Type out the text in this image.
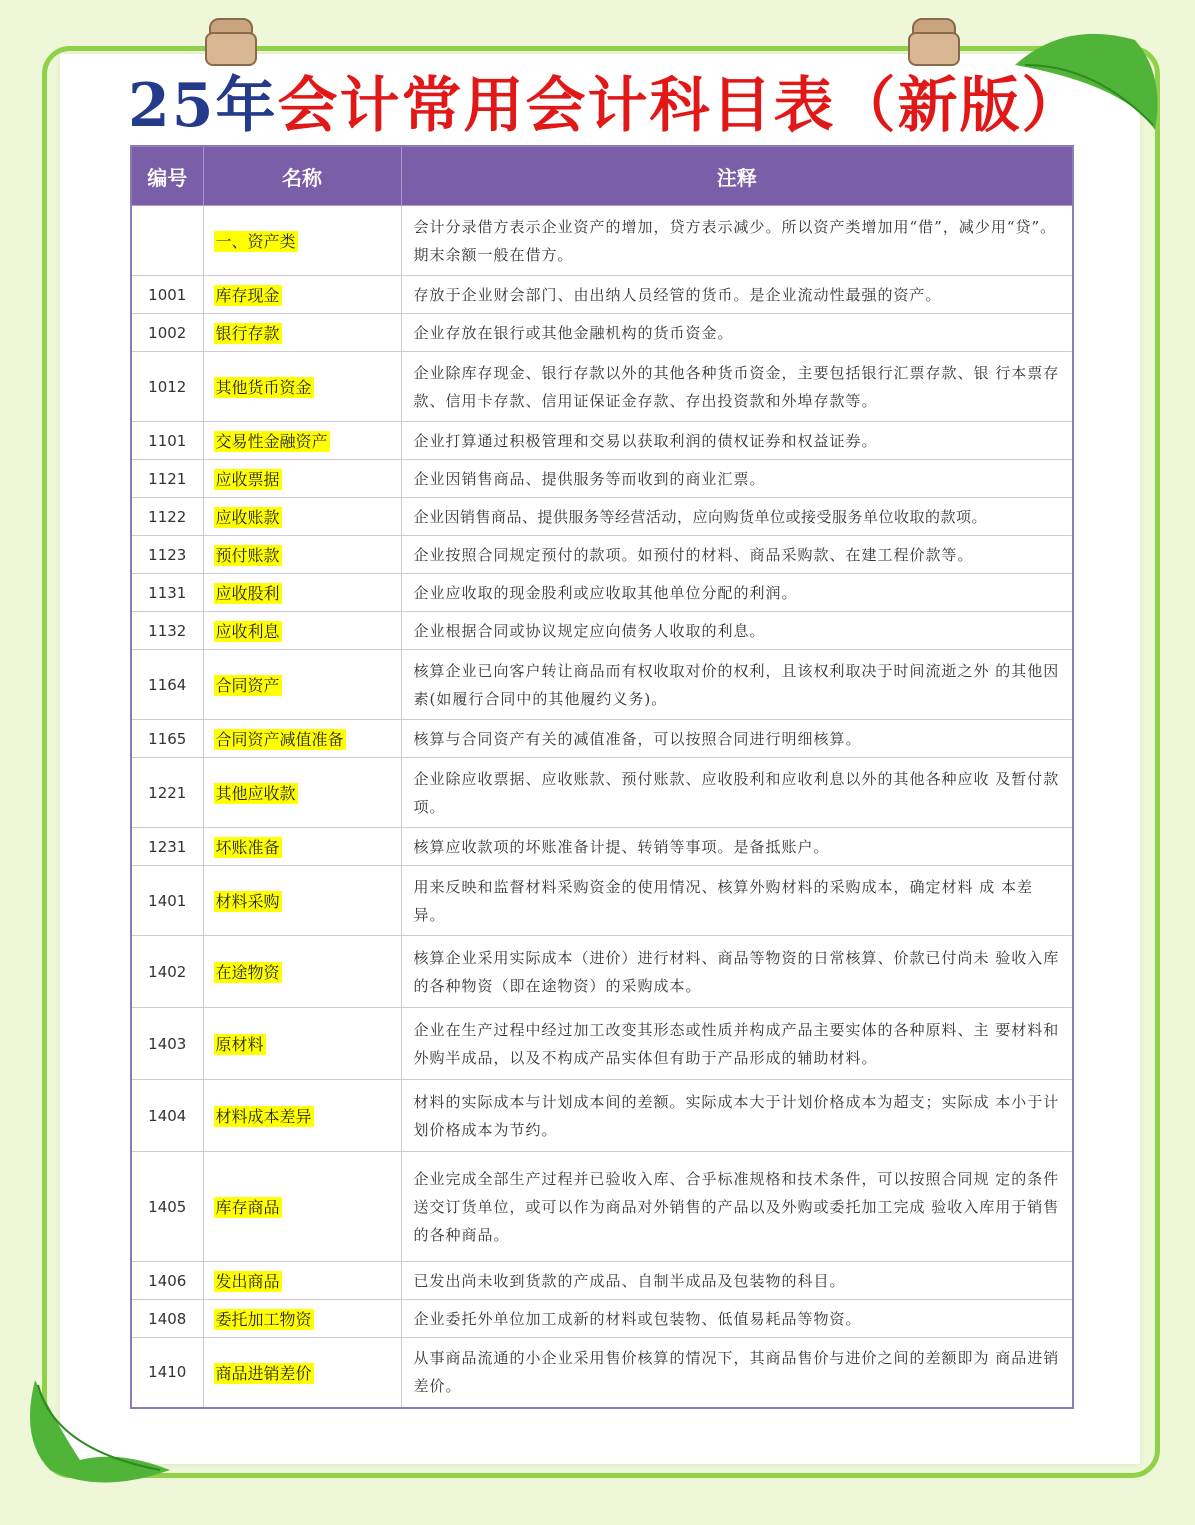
25年会计常用会计科目表（新版）
编号	名称	注释
	一、资产类	会计分录借方表示企业资产的增加，贷方表示减少。所以资产类增加用“借”，减少用“贷”。期末余额一般在借方。
1001	库存现金	存放于企业财会部门、由出纳人员经管的货币。是企业流动性最强的资产。
1002	银行存款	企业存放在银行或其他金融机构的货币资金。
1012	其他货币资金	企业除库存现金、银行存款以外的其他各种货币资金，主要包括银行汇票存款、银 行本票存款、信用卡存款、信用证保证金存款、存出投资款和外埠存款等。
1101	交易性金融资产	企业打算通过积极管理和交易以获取利润的债权证券和权益证券。
1121	应收票据	企业因销售商品、提供服务等而收到的商业汇票。
1122	应收账款	企业因销售商品、提供服务等经营活动，应向购货单位或接受服务单位收取的款项。
1123	预付账款	企业按照合同规定预付的款项。如预付的材料、商品采购款、在建工程价款等。
1131	应收股利	企业应收取的现金股利或应收取其他单位分配的利润。
1132	应收利息	企业根据合同或协议规定应向债务人收取的利息。
1164	合同资产	核算企业已向客户转让商品而有权收取对价的权利，且该权利取决于时间流逝之外 的其他因素(如履行合同中的其他履约义务)。
1165	合同资产减值准备	核算与合同资产有关的减值准备，可以按照合同进行明细核算。
1221	其他应收款	企业除应收票据、应收账款、预付账款、应收股利和应收利息以外的其他各种应收 及暂付款项。
1231	坏账准备	核算应收款项的坏账准备计提、转销等事项。是备抵账户。
1401	材料采购	用来反映和监督材料采购资金的使用情况、核算外购材料的采购成本，确定材料 成 本差异。
1402	在途物资	核算企业采用实际成本（进价）进行材料、商品等物资的日常核算、价款已付尚未 验收入库的各种物资（即在途物资）的采购成本。
1403	原材料	企业在生产过程中经过加工改变其形态或性质并构成产品主要实体的各种原料、主 要材料和外购半成品，以及不构成产品实体但有助于产品形成的辅助材料。
1404	材料成本差异	材料的实际成本与计划成本间的差额。实际成本大于计划价格成本为超支；实际成 本小于计划价格成本为节约。
1405	库存商品	企业完成全部生产过程并已验收入库、合乎标准规格和技术条件，可以按照合同规 定的条件送交订货单位，或可以作为商品对外销售的产品以及外购或委托加工完成 验收入库用于销售的各种商品。
1406	发出商品	已发出尚未收到货款的产成品、自制半成品及包装物的科目。
1408	委托加工物资	企业委托外单位加工成新的材料或包装物、低值易耗品等物资。
1410	商品进销差价	从事商品流通的小企业采用售价核算的情况下，其商品售价与进价之间的差额即为 商品进销差价。
